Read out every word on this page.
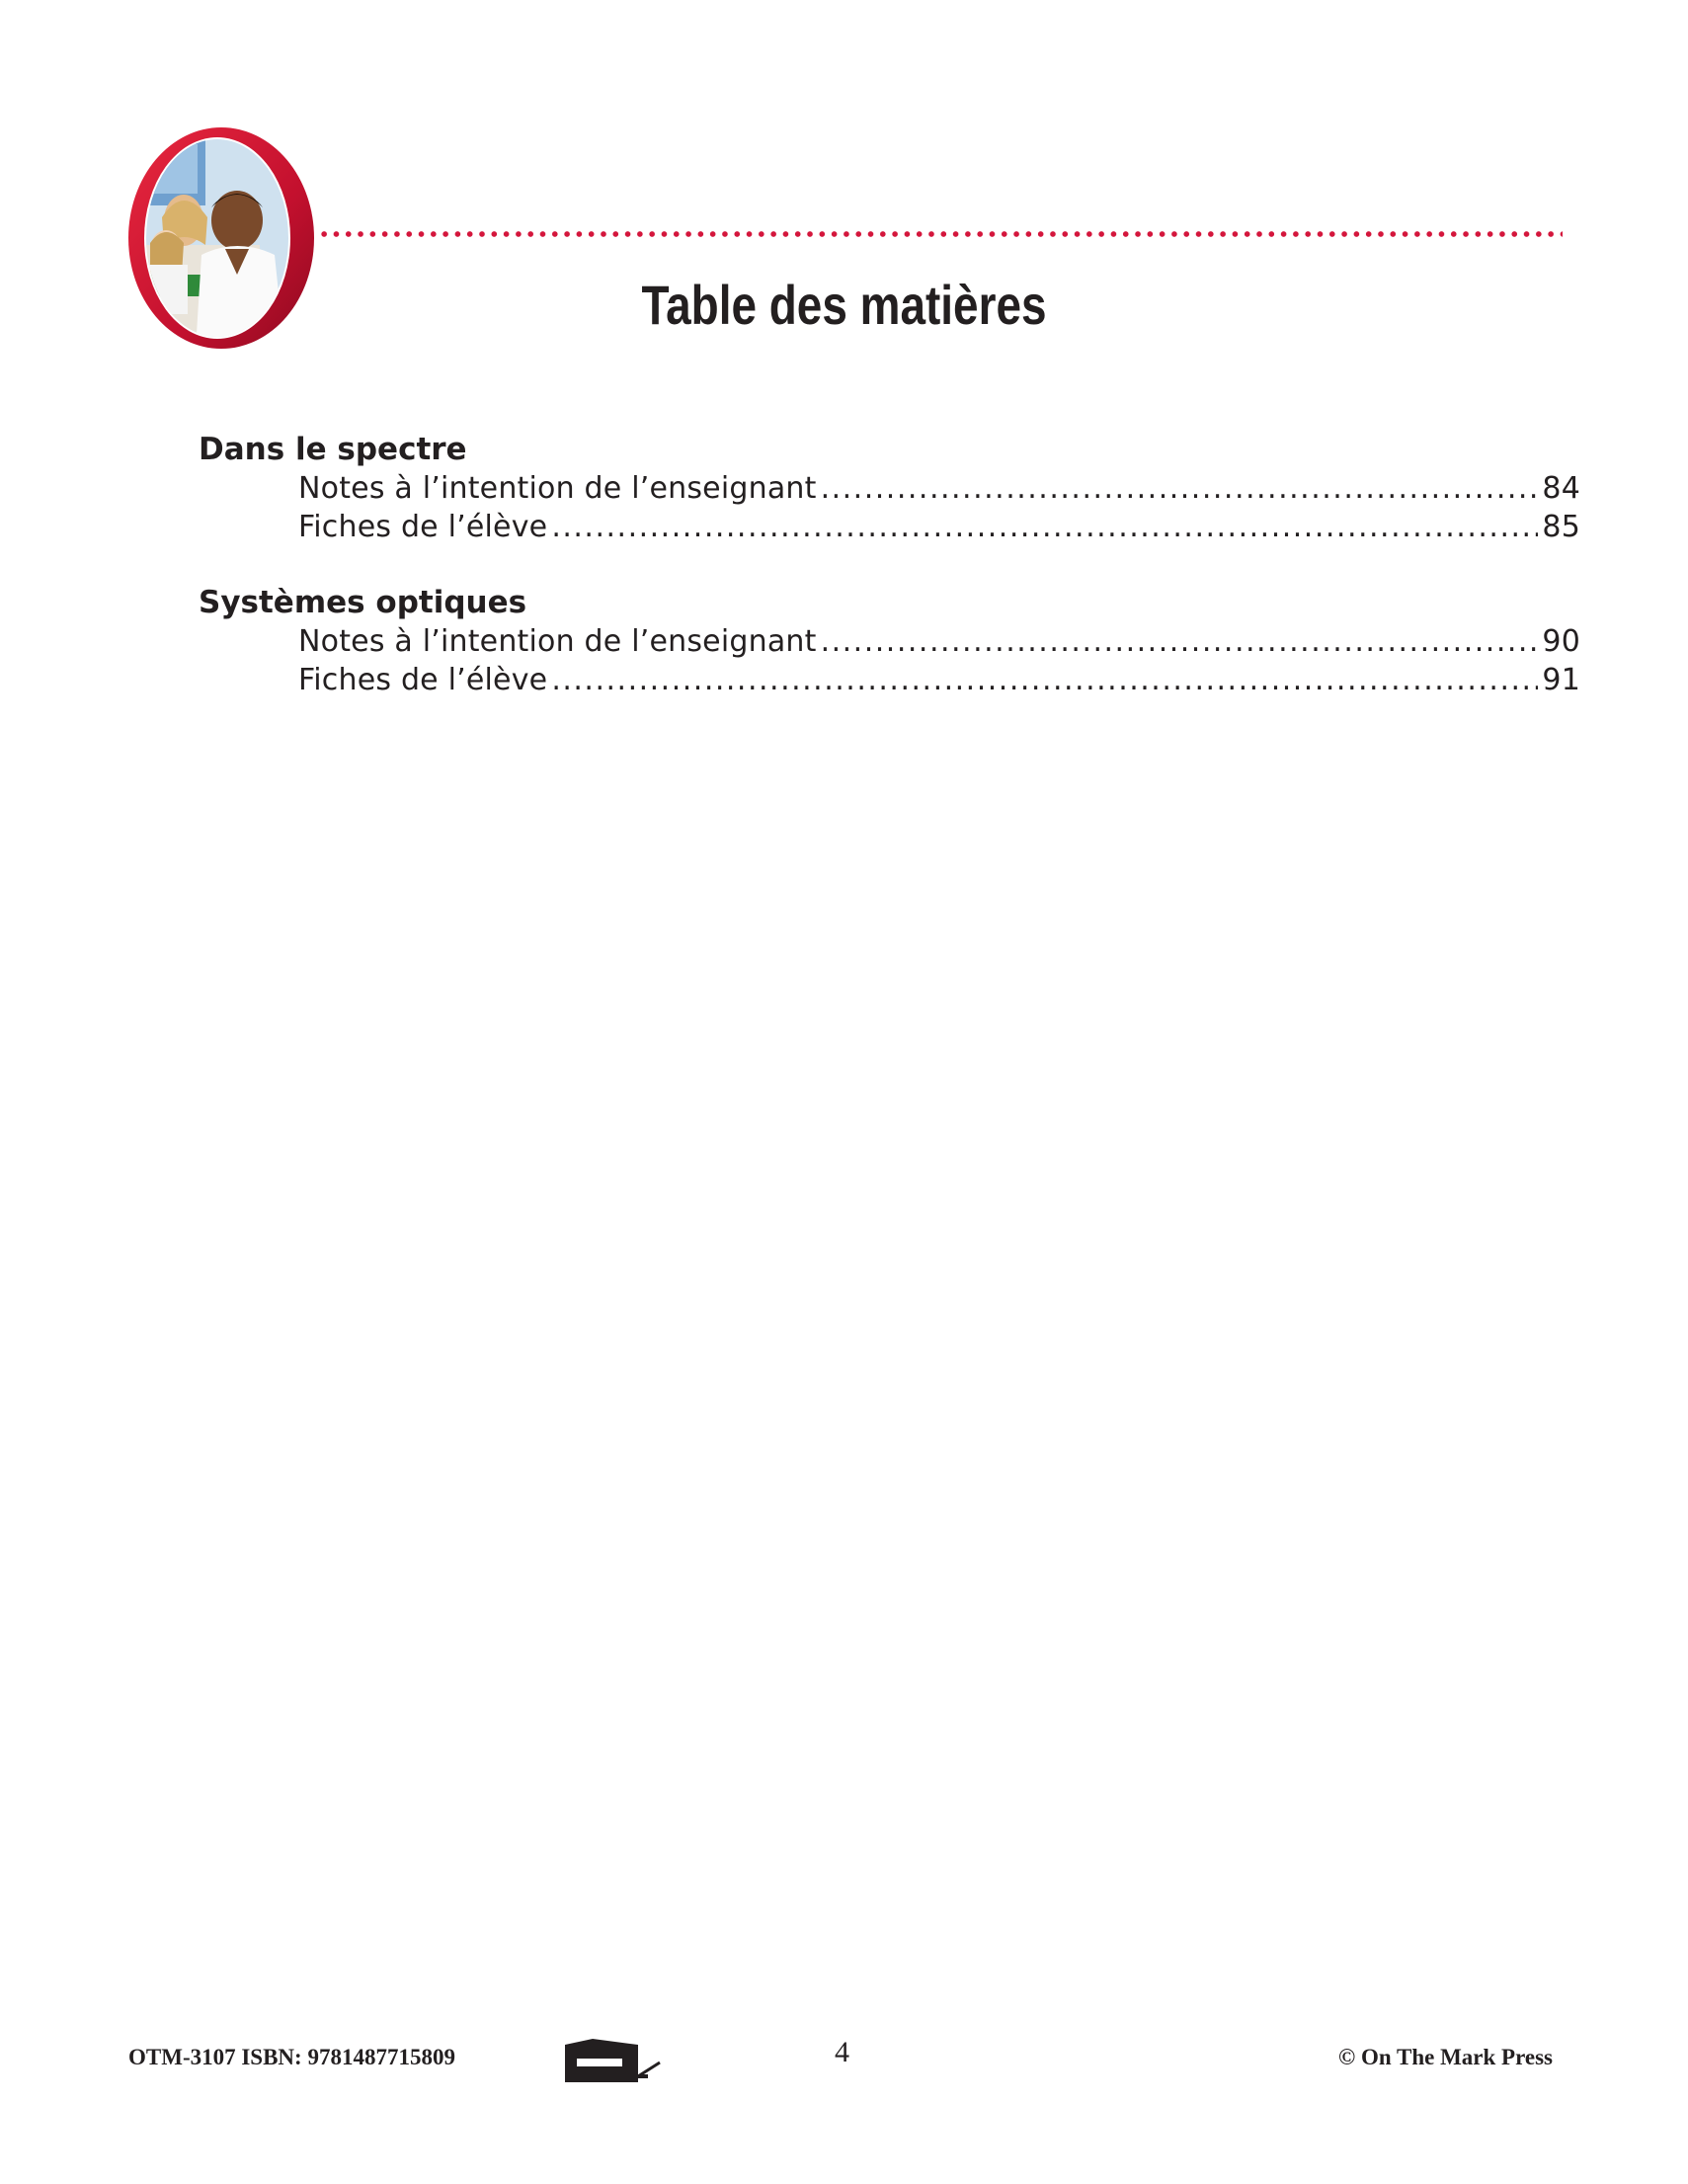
Table des matières
Dans le spectre
Notes à l’intention de l’enseignant .....	84
Fiches de l’élève .....	85
Systèmes optiques
Notes à l’intention de l’enseignant .....	90
Fiches de l’élève .....	91
OTM-3107 ISBN: 9781487715809	4	© On The Mark Press
